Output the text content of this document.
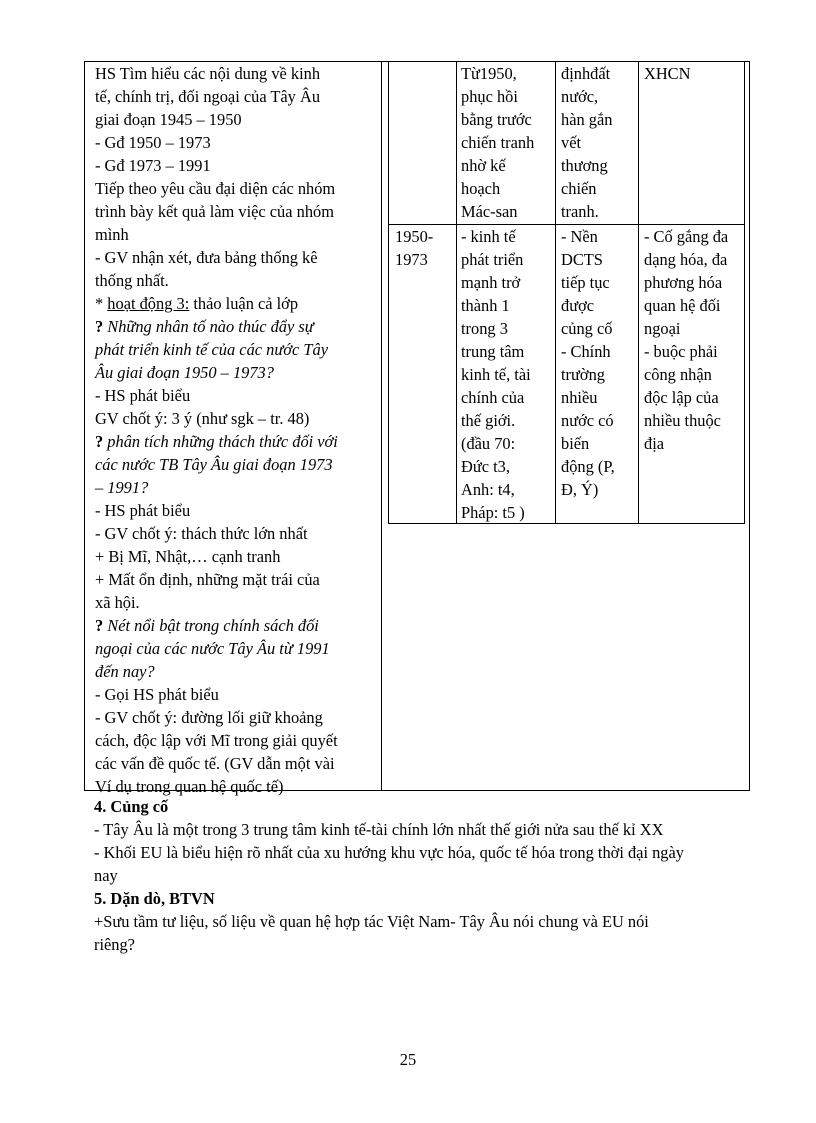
HS Tìm hiểu các nội dung về kinh
tế, chính trị, đối ngoại của Tây Âu
giai đoạn 1945 – 1950
- Gđ 1950 – 1973
- Gđ 1973 – 1991
Tiếp theo yêu cầu đại diện các nhóm
trình bày kết quả làm việc của nhóm
mình
- GV nhận xét, đưa bảng thống kê
thống nhất.
* hoạt động 3: thảo luận cả lớp
? Những nhân tố nào thúc đẩy sự
phát triển kinh tế của các nước Tây
Âu giai đoạn 1950 – 1973?
- HS phát biểu
GV chốt ý: 3 ý (như sgk – tr. 48)
? phân tích những thách thức đối với
các nước TB Tây Âu giai đoạn 1973
– 1991?
- HS phát biểu
- GV chốt ý: thách thức lớn nhất
+ Bị Mĩ, Nhật,… cạnh tranh
+ Mất ổn định, những mặt trái của
xã hội.
? Nét nổi bật trong chính sách đối
ngoại của các nước Tây Âu từ 1991
đến nay?
- Gọi HS phát biểu
- GV chốt ý: đường lối giữ khoảng
cách, độc lập với Mĩ trong giải quyết
các vấn đề quốc tế. (GV dẫn một vài
Ví dụ trong quan hệ quốc tế)
Từ1950,
phục hồi
bằng trước
chiến tranh
nhờ kế
hoạch
Mác-san
địnhđất
nước,
hàn gắn
vết
thương
chiến
tranh.
XHCN
1950-
1973
- kinh tế
phát triển
mạnh trở
thành 1
trong 3
trung tâm
kinh tế, tài
chính của
thế giới.
(đầu 70:
Đức t3,
Anh: t4,
Pháp: t5 )
- Nền
DCTS
tiếp tục
được
củng cố
- Chính
trường
nhiều
nước có
biến
động (P,
Đ, Ý)
- Cố gắng đa
dạng hóa, đa
phương hóa
quan hệ đối
ngoại
- buộc phải
công nhận
độc lập của
nhiều thuộc
địa
4. Củng cố
- Tây Âu là một trong 3 trung tâm kinh tế-tài chính lớn nhất thế giới nửa sau thế kỉ XX
- Khối EU là biểu hiện rõ nhất của xu hướng khu vực hóa, quốc tế hóa trong thời đại ngày
nay
5. Dặn dò, BTVN
+Sưu tầm tư liệu, số liệu về quan hệ hợp tác Việt Nam- Tây Âu nói chung và EU nói
riêng?
25
